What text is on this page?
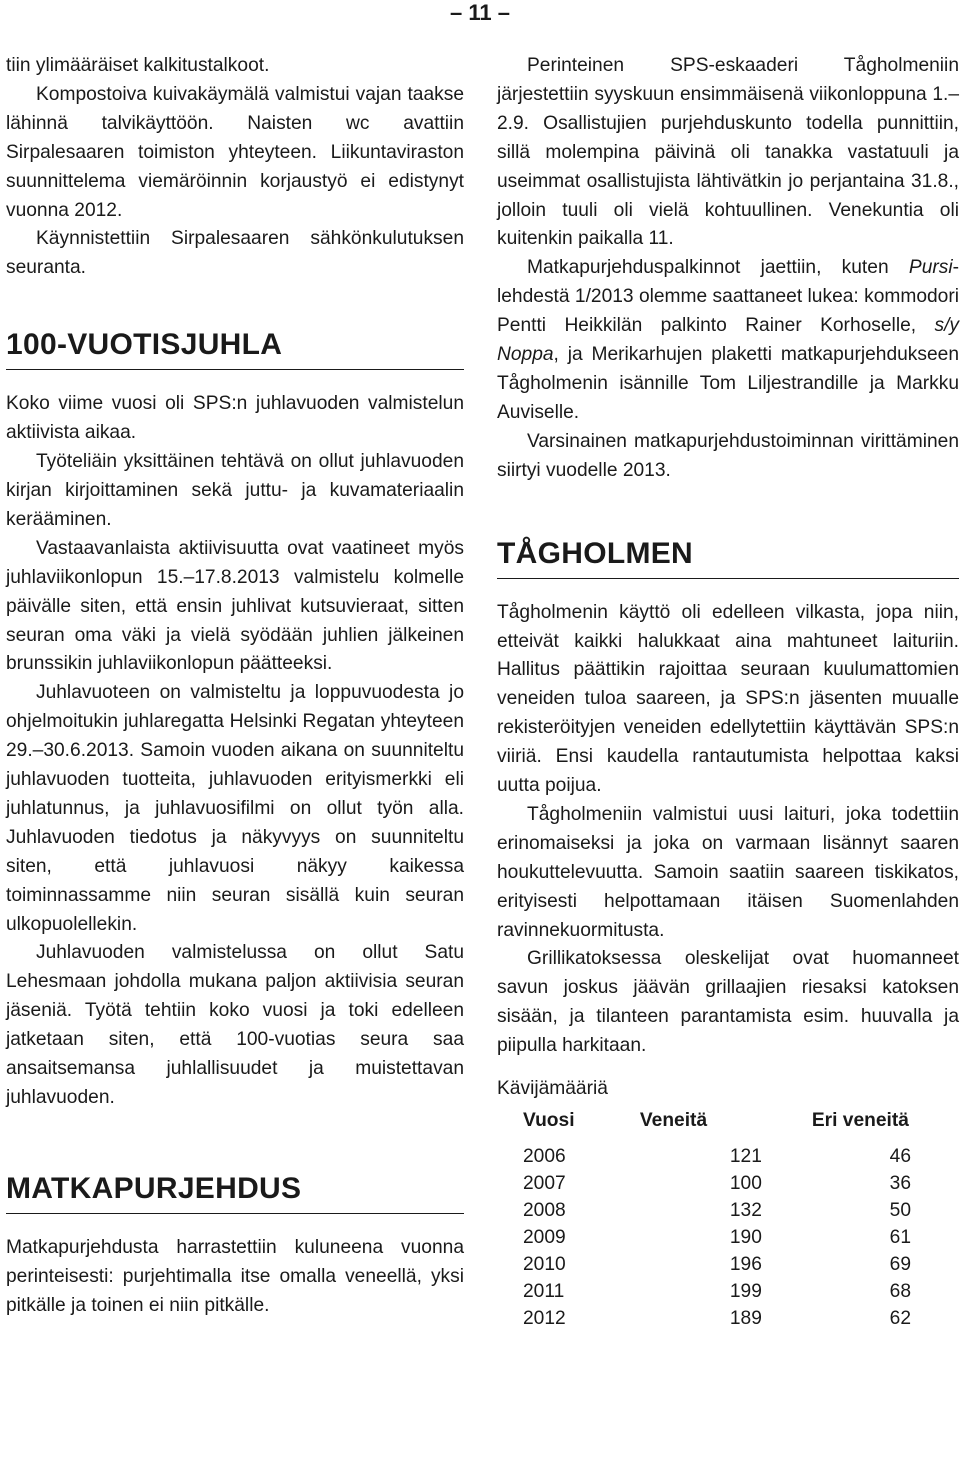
– 11 –

tiin ylimääräiset kalkitustalkoot.

Kompostoiva kuivakäymälä valmistui vajan taakse lähinnä talvikäyttöön. Naisten wc avattiin Sirpalesaaren toimiston yhteyteen. Liikuntaviraston suunnittelema viemäröinnin korjaustyö ei edistynyt vuonna 2012.

Käynnistettiin Sirpalesaaren sähkönkulutuksen seuranta.

100-VUOTISJUHLA

Koko viime vuosi oli SPS:n juhlavuoden valmistelun aktiivista aikaa.

Työteliäin yksittäinen tehtävä on ollut juhlavuoden kirjan kirjoittaminen sekä juttu- ja kuvamateriaalin kerääminen.

Vastaavanlaista aktiivisuutta ovat vaatineet myös juhlaviikonlopun 15.–17.8.2013 valmistelu kolmelle päivälle siten, että ensin juhlivat kutsuvieraat, sitten seuran oma väki ja vielä syödään juhlien jälkeinen brunssikin juhlaviikonlopun päätteeksi.

Juhlavuoteen on valmisteltu ja loppuvuodesta jo ohjelmoitukin juhlaregatta Helsinki Regatan yhteyteen 29.–30.6.2013. Samoin vuoden aikana on suunniteltu juhlavuoden tuotteita, juhlavuoden erityismerkki eli juhlatunnus, ja juhlavuosifilmi on ollut työn alla. Juhlavuoden tiedotus ja näkyvyys on suunniteltu siten, että juhlavuosi näkyy kaikessa toiminnassamme niin seuran sisällä kuin seuran ulkopuolellekin.

Juhlavuoden valmistelussa on ollut Satu Lehesmaan johdolla mukana paljon aktiivisia seuran jäseniä. Työtä tehtiin koko vuosi ja toki edelleen jatketaan siten, että 100-vuotias seura saa ansaitsemansa juhlallisuudet ja muistettavan juhlavuoden.

MATKAPURJEHDUS

Matkapurjehdusta harrastettiin kuluneena vuonna perinteisesti: purjehtimalla itse omalla veneellä, yksi pitkälle ja toinen ei niin pitkälle.

Perinteinen SPS-eskaaderi Tågholmeniin järjestettiin syyskuun ensimmäisenä viikonloppuna 1.–2.9. Osallistujien purjehduskunto todella punnittiin, sillä molempina päivinä oli tanakka vastatuuli ja useimmat osallistujista lähtivätkin jo perjantaina 31.8., jolloin tuuli oli vielä kohtuullinen. Venekuntia oli kuitenkin paikalla 11.

Matkapurjehduspalkinnot jaettiin, kuten Pursi-lehdestä 1/2013 olemme saattaneet lukea: kommodori Pentti Heikkilän palkinto Rainer Korhoselle, s/y Noppa, ja Merikarhujen plaketti matkapurjehdukseen Tågholmenin isännille Tom Liljestrandille ja Markku Auviselle.

Varsinainen matkapurjehdustoiminnan virittäminen siirtyi vuodelle 2013.

TÅGHOLMEN

Tågholmenin käyttö oli edelleen vilkasta, jopa niin, etteivät kaikki halukkaat aina mahtuneet laituriin. Hallitus päättikin rajoittaa seuraan kuulumattomien veneiden tuloa saareen, ja SPS:n jäsenten muualle rekisteröityjen veneiden edellytettiin käyttävän SPS:n viiriä. Ensi kaudella rantautumista helpottaa kaksi uutta poijua.

Tågholmeniin valmistui uusi laituri, joka todettiin erinomaiseksi ja joka on varmaan lisännyt saaren houkuttelevuutta. Samoin saatiin saareen tiskikatos, erityisesti helpottamaan itäisen Suomenlahden ravinnekuormitusta.

Grillikatoksessa oleskelijat ovat huomanneet savun joskus jäävän grillaajien riesaksi katoksen sisään, ja tilanteen parantamista esim. huuvalla ja piipulla harkitaan.

Kävijämääriä
Vuosi	Veneitä	Eri veneitä
2006	121	46
2007	100	36
2008	132	50
2009	190	61
2010	196	69
2011	199	68
2012	189	62
